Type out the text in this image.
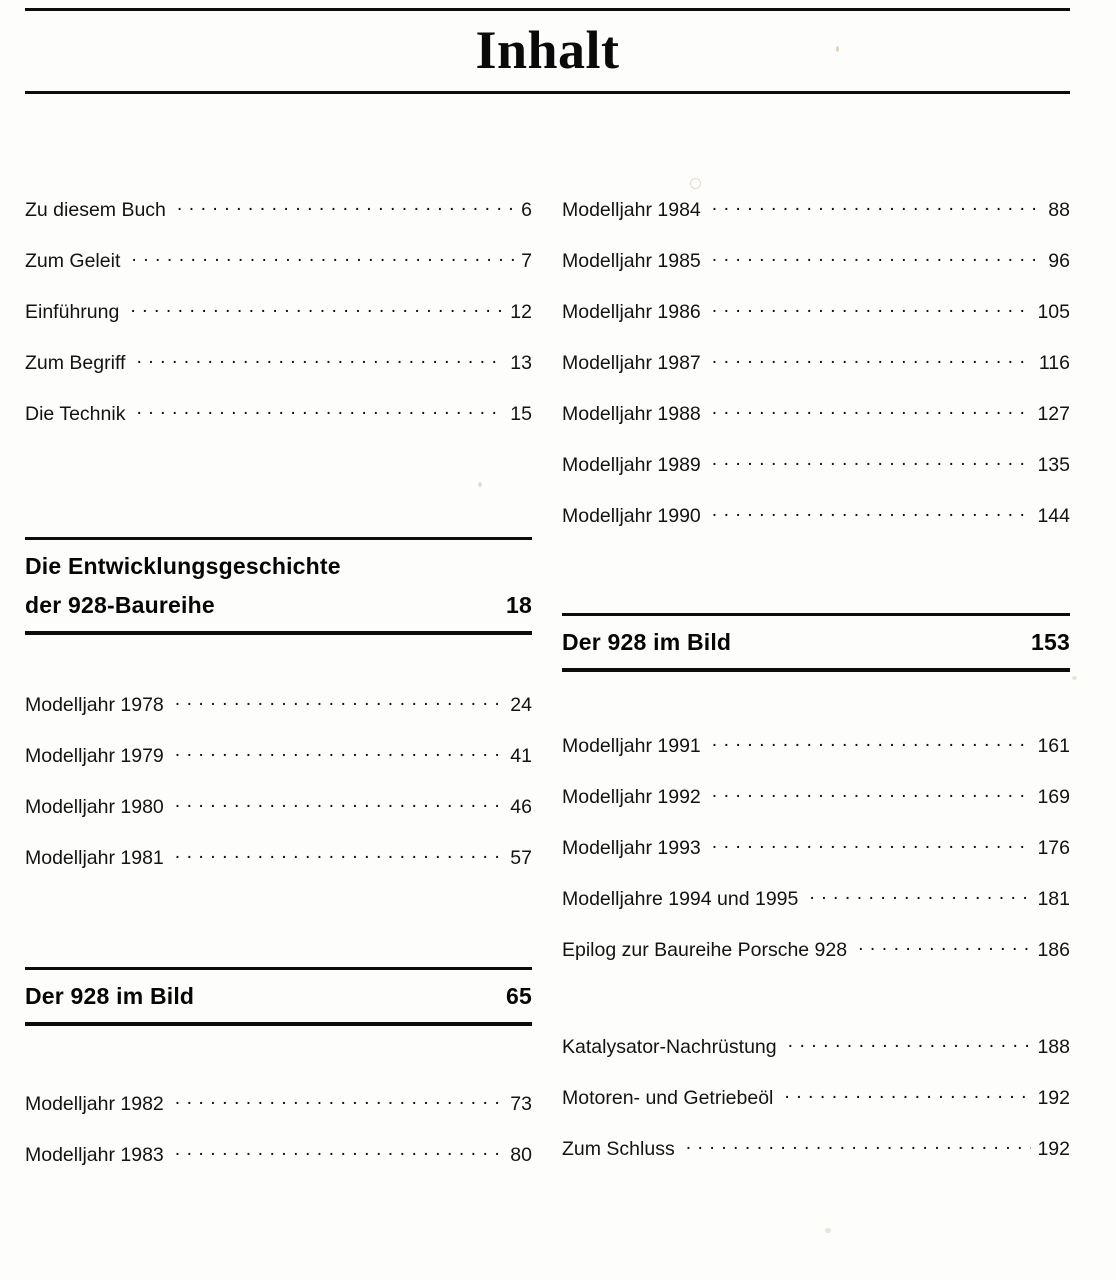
Inhalt
Zu diesem Buch . . .	6
Zum Geleit . . .	7
Einführung . . .	12
Zum Begriff . . .	13
Die Technik . . .	15
Die Entwicklungsgeschichte
der 928-Baureihe	18
Modelljahr 1978 . . .	24
Modelljahr 1979 . . .	41
Modelljahr 1980 . . .	46
Modelljahr 1981 . . .	57
Der 928 im Bild	65
Modelljahr 1982 . . .	73
Modelljahr 1983 . . .	80
Modelljahr 1984 . . .	88
Modelljahr 1985 . . .	96
Modelljahr 1986 . . .	105
Modelljahr 1987 . . .	116
Modelljahr 1988 . . .	127
Modelljahr 1989 . . .	135
Modelljahr 1990 . . .	144
Der 928 im Bild	153
Modelljahr 1991 . . .	161
Modelljahr 1992 . . .	169
Modelljahr 1993 . . .	176
Modelljahre 1994 und 1995 . . .	181
Epilog zur Baureihe Porsche 928 . . .	186
Katalysator-Nachrüstung . . .	188
Motoren- und Getriebeöl . . .	192
Zum Schluss . . .	192
